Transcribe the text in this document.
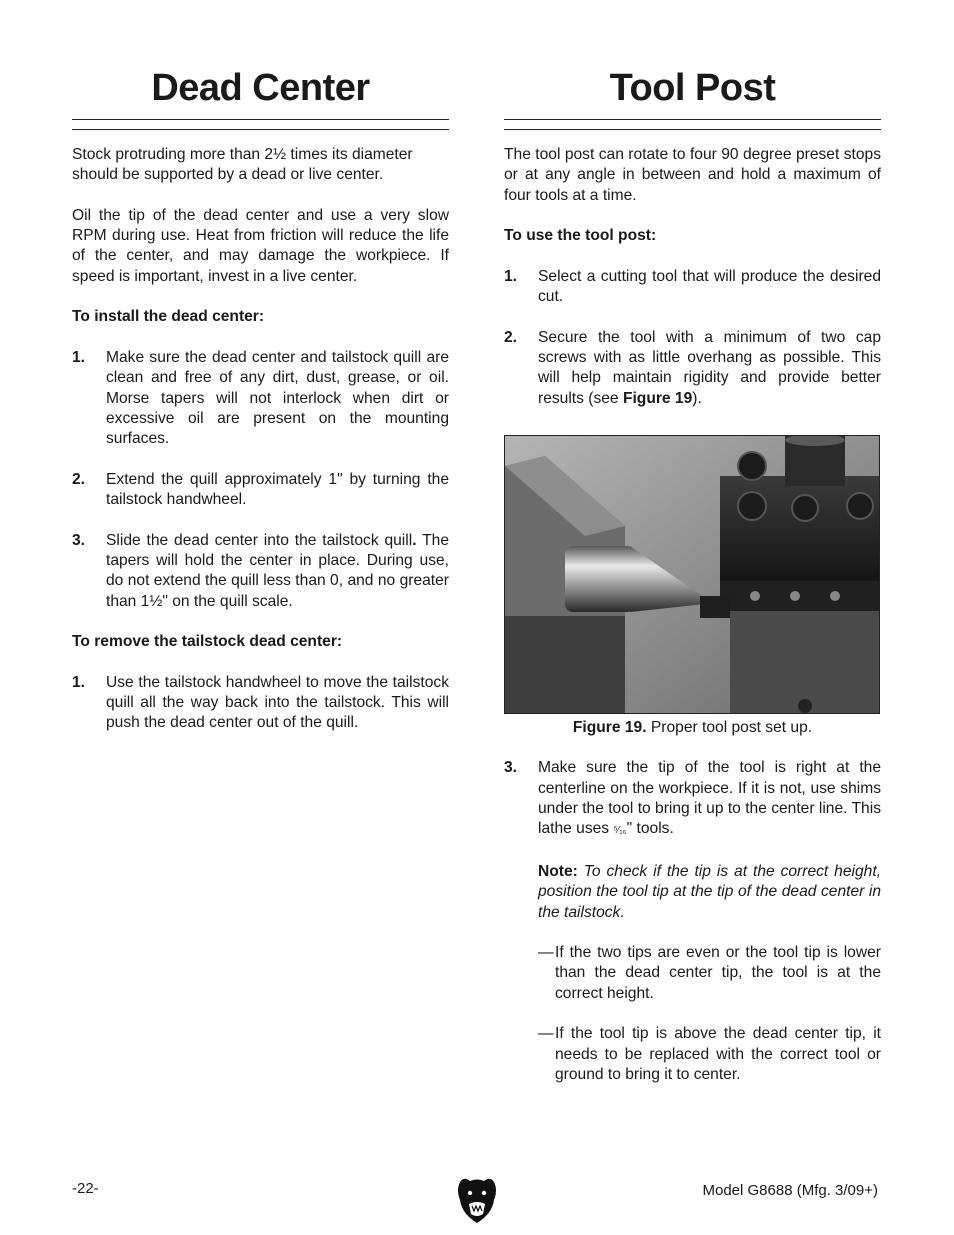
Dead Center

Stock protruding more than 2½ times its diameter should be supported by a dead or live center.

Oil the tip of the dead center and use a very slow RPM during use. Heat from friction will reduce the life of the center, and may damage the workpiece. If speed is important, invest in a live center.

To install the dead center:

1.	Make sure the dead center and tailstock quill are clean and free of any dirt, dust, grease, or oil. Morse tapers will not interlock when dirt or excessive oil are present on the mounting surfaces.
2.	Extend the quill approximately 1" by turning the tailstock handwheel.
3.	Slide the dead center into the tailstock quill. The tapers will hold the center in place. During use, do not extend the quill less than 0, and no greater than 1½" on the quill scale.

To remove the tailstock dead center:

1.	Use the tailstock handwheel to move the tailstock quill all the way back into the tailstock. This will push the dead center out of the quill.
Tool Post

The tool post can rotate to four 90 degree preset stops or at any angle in between and hold a maximum of four tools at a time.

To use the tool post:

1.	Select a cutting tool that will produce the desired cut.
2.	Secure the tool with a minimum of two cap screws with as little overhang as possible. This will help maintain rigidity and provide better results (see Figure 19).

Figure 19. Proper tool post set up.

3.	Make sure the tip of the tool is right at the centerline on the workpiece. If it is not, use shims under the tool to bring it up to the center line. This lathe uses ⁵⁄₁₆" tools.
Note: To check if the tip is at the correct height, position the tool tip at the tip of the dead center in the tailstock.
— If the two tips are even or the tool tip is lower than the dead center tip, the tool is at the correct height.
— If the tool tip is above the dead center tip, it needs to be replaced with the correct tool or ground to bring it to center.
-22-	Model G8688 (Mfg. 3/09+)
